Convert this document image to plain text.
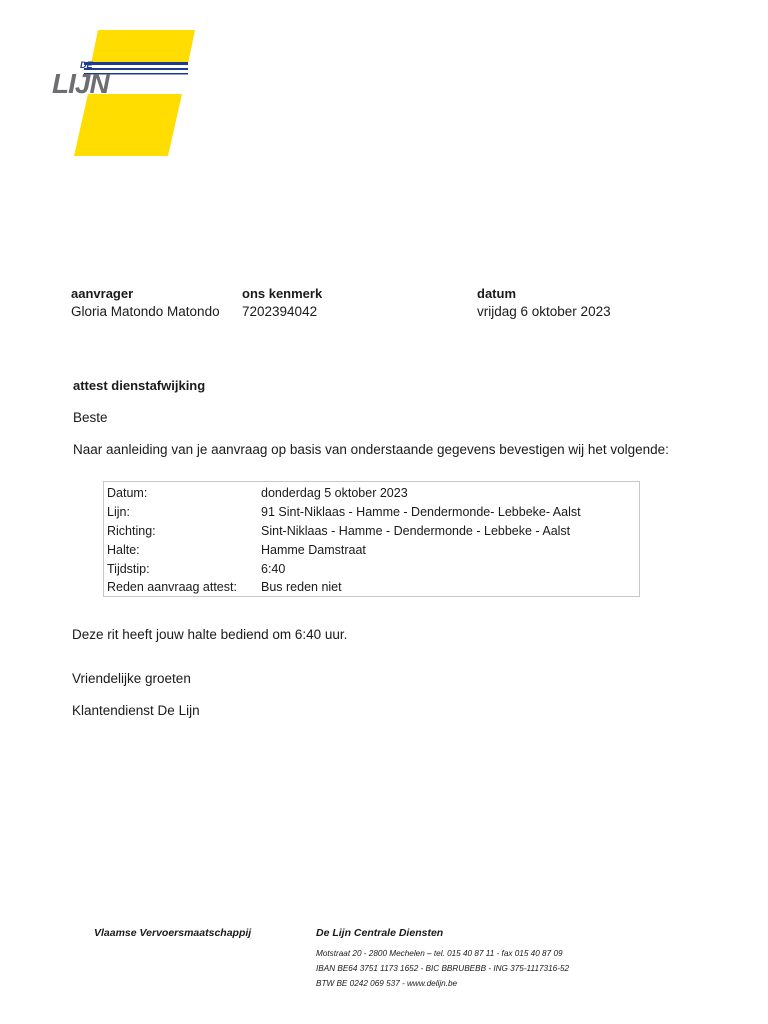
DE
LIJN
aanvrager
Gloria Matondo Matondo
ons kenmerk
7202394042
datum
vrijdag 6 oktober 2023
attest dienstafwijking
Beste
Naar aanleiding van je aanvraag op basis van onderstaande gegevens bevestigen wij het volgende:
Datum:	donderdag 5 oktober 2023
Lijn:	91 Sint-Niklaas - Hamme - Dendermonde- Lebbeke- Aalst
Richting:	Sint-Niklaas - Hamme - Dendermonde - Lebbeke - Aalst
Halte:	Hamme Damstraat
Tijdstip:	6:40
Reden aanvraag attest:	Bus reden niet
Deze rit heeft jouw halte bediend om 6:40 uur.
Vriendelijke groeten
Klantendienst De Lijn
Vlaamse Vervoersmaatschappij	De Lijn Centrale Diensten
Motstraat 20 - 2800 Mechelen – tel. 015 40 87 11 - fax 015 40 87 09
IBAN BE64 3751 1173 1652 - BIC BBRUBEBB - ING 375-1117316-52
BTW BE 0242 069 537 - www.delijn.be
